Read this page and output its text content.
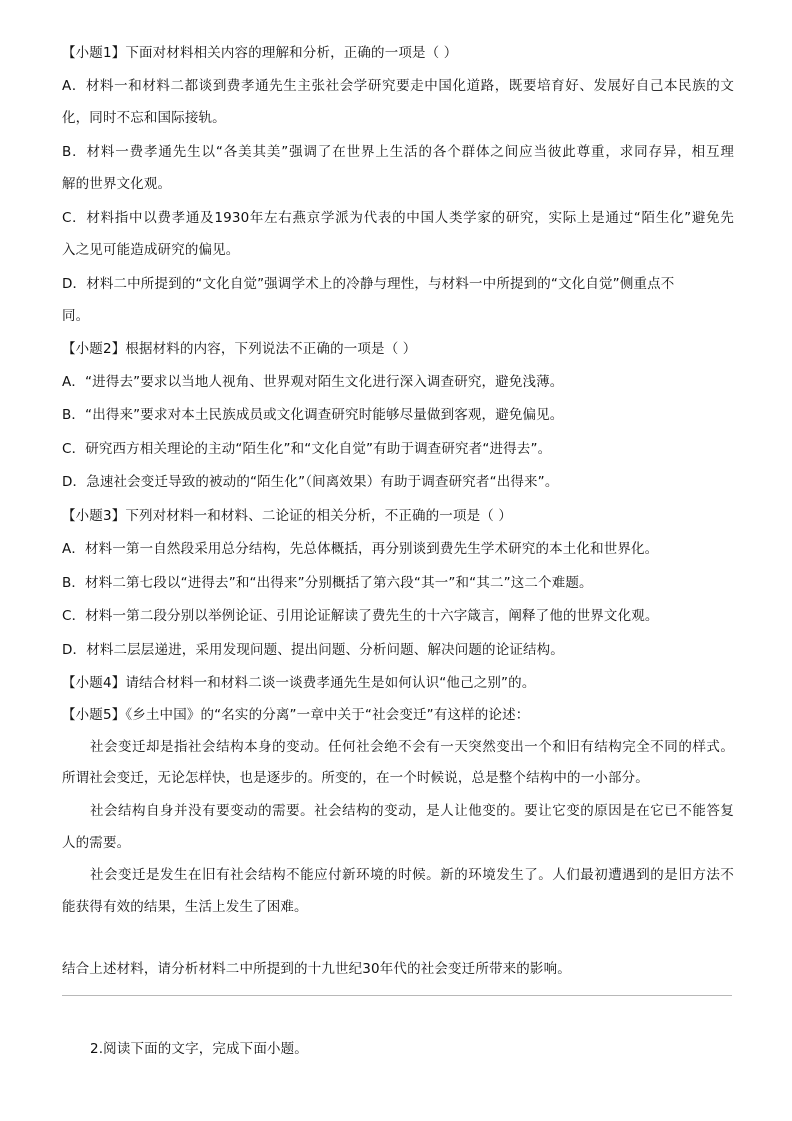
【小题1】下面对材料相关内容的理解和分析，正确的一项是（ ）
A．材料一和材料二都谈到费孝通先生主张社会学研究要走中国化道路，既要培育好、发展好自己本民族的文
化，同时不忘和国际接轨。
B．材料一费孝通先生以“各美其美”强调了在世界上生活的各个群体之间应当彼此尊重，求同存异，相互理
解的世界文化观。
C．材料指中以费孝通及1930年左右燕京学派为代表的中国人类学家的研究，实际上是通过“陌生化”避免先
入之见可能造成研究的偏见。
D．材料二中所提到的“文化自觉”强调学术上的冷静与理性，与材料一中所提到的“文化自觉”侧重点不
同。
【小题2】根据材料的内容，下列说法不正确的一项是（ ）
A．“进得去”要求以当地人视角、世界观对陌生文化进行深入调查研究，避免浅薄。
B．“出得来”要求对本土民族成员或文化调查研究时能够尽量做到客观，避免偏见。
C．研究西方相关理论的主动“陌生化”和“文化自觉”有助于调查研究者“进得去”。
D．急速社会变迁导致的被动的“陌生化”（间离效果）有助于调查研究者“出得来”。
【小题3】下列对材料一和材料、二论证的相关分析，不正确的一项是（ ）
A．材料一第一自然段采用总分结构，先总体概括，再分别谈到费先生学术研究的本土化和世界化。
B．材料二第七段以“进得去”和“出得来”分别概括了第六段“其一”和“其二”这二个难题。
C．材料一第二段分别以举例论证、引用论证解读了费先生的十六字箴言，阐释了他的世界文化观。
D．材料二层层递进，采用发现问题、提出问题、分析问题、解决问题的论证结构。
【小题4】请结合材料一和材料二谈一谈费孝通先生是如何认识“他己之别”的。
【小题5】《乡土中国》的“名实的分离”一章中关于“社会变迁”有这样的论述：
社会变迁却是指社会结构本身的变动。任何社会绝不会有一天突然变出一个和旧有结构完全不同的样式。
所谓社会变迁，无论怎样快，也是逐步的。所变的，在一个时候说，总是整个结构中的一小部分。
社会结构自身并没有要变动的需要。社会结构的变动，是人让他变的。要让它变的原因是在它已不能答复
人的需要。
社会变迁是发生在旧有社会结构不能应付新环境的时候。新的环境发生了。人们最初遭遇到的是旧方法不
能获得有效的结果，生活上发生了困难。
结合上述材料，请分析材料二中所提到的十九世纪30年代的社会变迁所带来的影响。
2.阅读下面的文字，完成下面小题。
